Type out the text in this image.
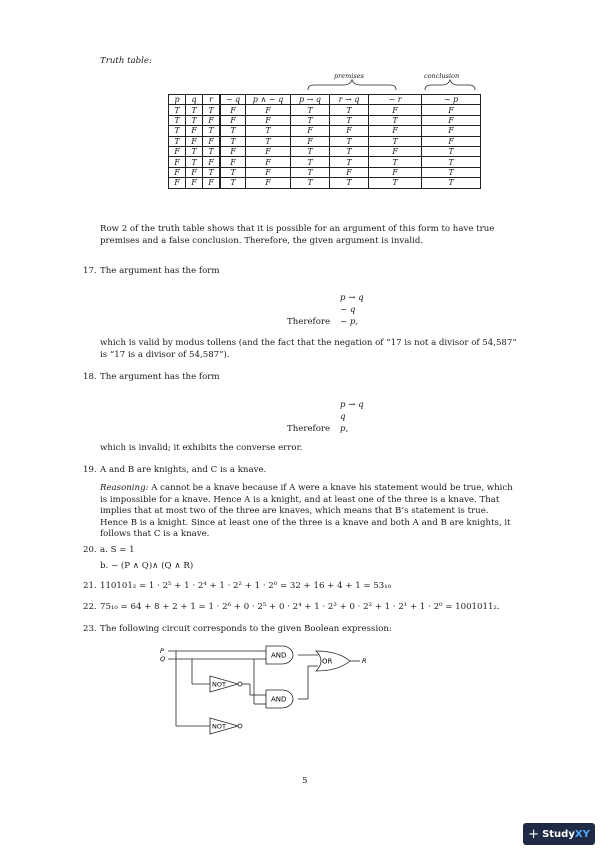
Truth table:
premises	conclusion
p	q	r	~ q	p ∧ ~ q	p → q	r → q	~ r	~ p
T	T	T	F	F	T	T	F	F
T	T	F	F	F	T	T	T	F
T	F	T	T	T	F	F	F	F
T	F	F	T	T	F	T	T	F
F	T	T	F	F	T	T	F	T
F	T	F	F	F	T	T	T	T
F	F	T	T	F	T	F	F	T
F	F	F	T	F	T	T	T	T
Row 2 of the truth table shows that it is possible for an argument of this form to have true premises and a false conclusion. Therefore, the given argument is invalid.
17. The argument has the form
p → q
~ q
Therefore ~ p,
which is valid by modus tollens (and the fact that the negation of “17 is not a divisor of 54,587” is “17 is a divisor of 54,587”).
18. The argument has the form
p → q
q
Therefore p,
which is invalid; it exhibits the converse error.
19. A and B are knights, and C is a knave.
Reasoning: A cannot be a knave because if A were a knave his statement would be true, which is impossible for a knave. Hence A is a knight, and at least one of the three is a knave. That implies that at most two of the three are knaves, which means that B’s statement is true. Hence B is a knight. Since at least one of the three is a knave and both A and B are knights, it follows that C is a knave.
20. a. S = 1
b. ~ (P ∧ Q)∧ (Q ∧ R)
21. 110101₂ = 1 · 2⁵ + 1 · 2⁴ + 1 · 2² + 1 · 2⁰ = 32 + 16 + 4 + 1 = 53₁₀
22. 75₁₀ = 64 + 8 + 2 + 1 = 1 · 2⁶ + 0 · 2⁵ + 0 · 2⁴ + 1 · 2³ + 0 · 2² + 1 · 2¹ + 1 · 2⁰ = 1001011₂.
23. The following circuit corresponds to the given Boolean expression:
P
Q	R
AND
OR
NOT
AND
NOT
5
+ Study XY
